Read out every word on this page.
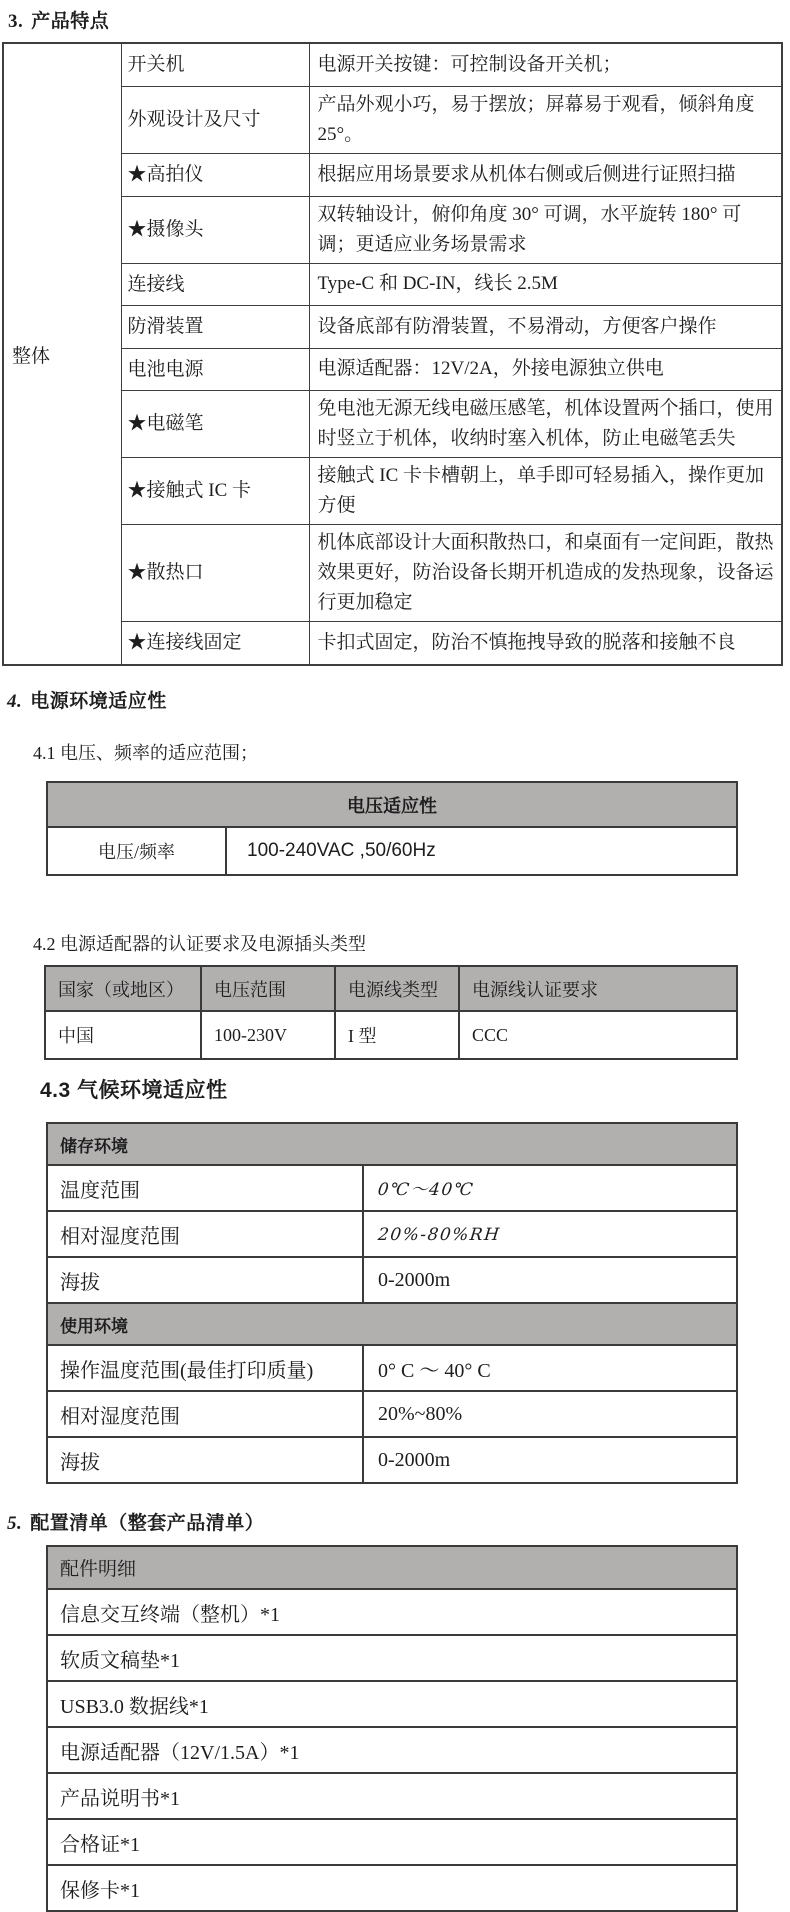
3. 产品特点
整体	开关机	电源开关按键：可控制设备开关机；
	外观设计及尺寸	产品外观小巧，易于摆放；屏幕易于观看，倾斜角度25°。
	★高拍仪	根据应用场景要求从机体右侧或后侧进行证照扫描
	★摄像头	双转轴设计，俯仰角度 30° 可调，水平旋转 180° 可调；更适应业务场景需求
	连接线	Type-C 和 DC-IN，线长 2.5M
	防滑装置	设备底部有防滑装置，不易滑动，方便客户操作
	电池电源	电源适配器：12V/2A，外接电源独立供电
	★电磁笔	免电池无源无线电磁压感笔，机体设置两个插口，使用时竖立于机体，收纳时塞入机体，防止电磁笔丢失
	★接触式 IC 卡	接触式 IC 卡卡槽朝上，单手即可轻易插入，操作更加方便
	★散热口	机体底部设计大面积散热口，和桌面有一定间距，散热效果更好，防治设备长期开机造成的发热现象，设备运行更加稳定
	★连接线固定	卡扣式固定，防治不慎拖拽导致的脱落和接触不良
4. 电源环境适应性
4.1 电压、频率的适应范围；
电压适应性
电压/频率	100-240VAC ,50/60Hz
4.2 电源适配器的认证要求及电源插头类型
国家（或地区）	电压范围	电源线类型	电源线认证要求
中国	100-230V	I 型	CCC
4.3 气候环境适应性
储存环境	
温度范围	0℃～40℃
相对湿度范围	20%-80%RH
海拔	0-2000m
使用环境	
操作温度范围(最佳打印质量)	0° C ～ 40° C
相对湿度范围	20%~80%
海拔	0-2000m
5. 配置清单（整套产品清单）
配件明细
信息交互终端（整机）*1
软质文稿垫*1
USB3.0 数据线*1
电源适配器（12V/1.5A）*1
产品说明书*1
合格证*1
保修卡*1
